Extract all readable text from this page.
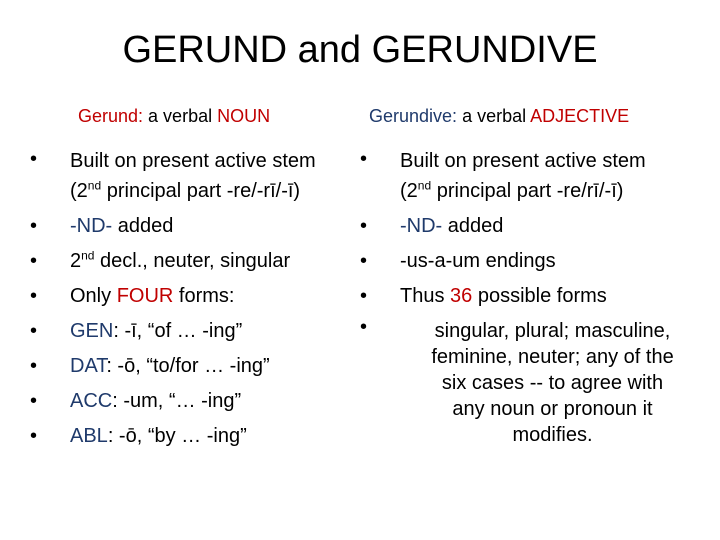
GERUND and GERUNDIVE
Gerund: a verbal NOUN
•
Built on present active stem
(2nd principal part -re/-rī/-ī)
•
-ND- added
•
2nd decl., neuter, singular
•
Only FOUR forms:
•
GEN: -ī, “of … -ing”
•
DAT: -ō, “to/for … -ing”
•
ACC: -um, “… -ing”
•
ABL: -ō, “by … -ing”
Gerundive: a verbal ADJECTIVE
•
Built on present active stem
(2nd principal part -re/rī/-ī)
•
-ND- added
•
-us-a-um endings
•
Thus 36 possible forms
•
singular, plural; masculine,
feminine, neuter; any of the
six cases -- to agree with
any noun or pronoun it
modifies.
